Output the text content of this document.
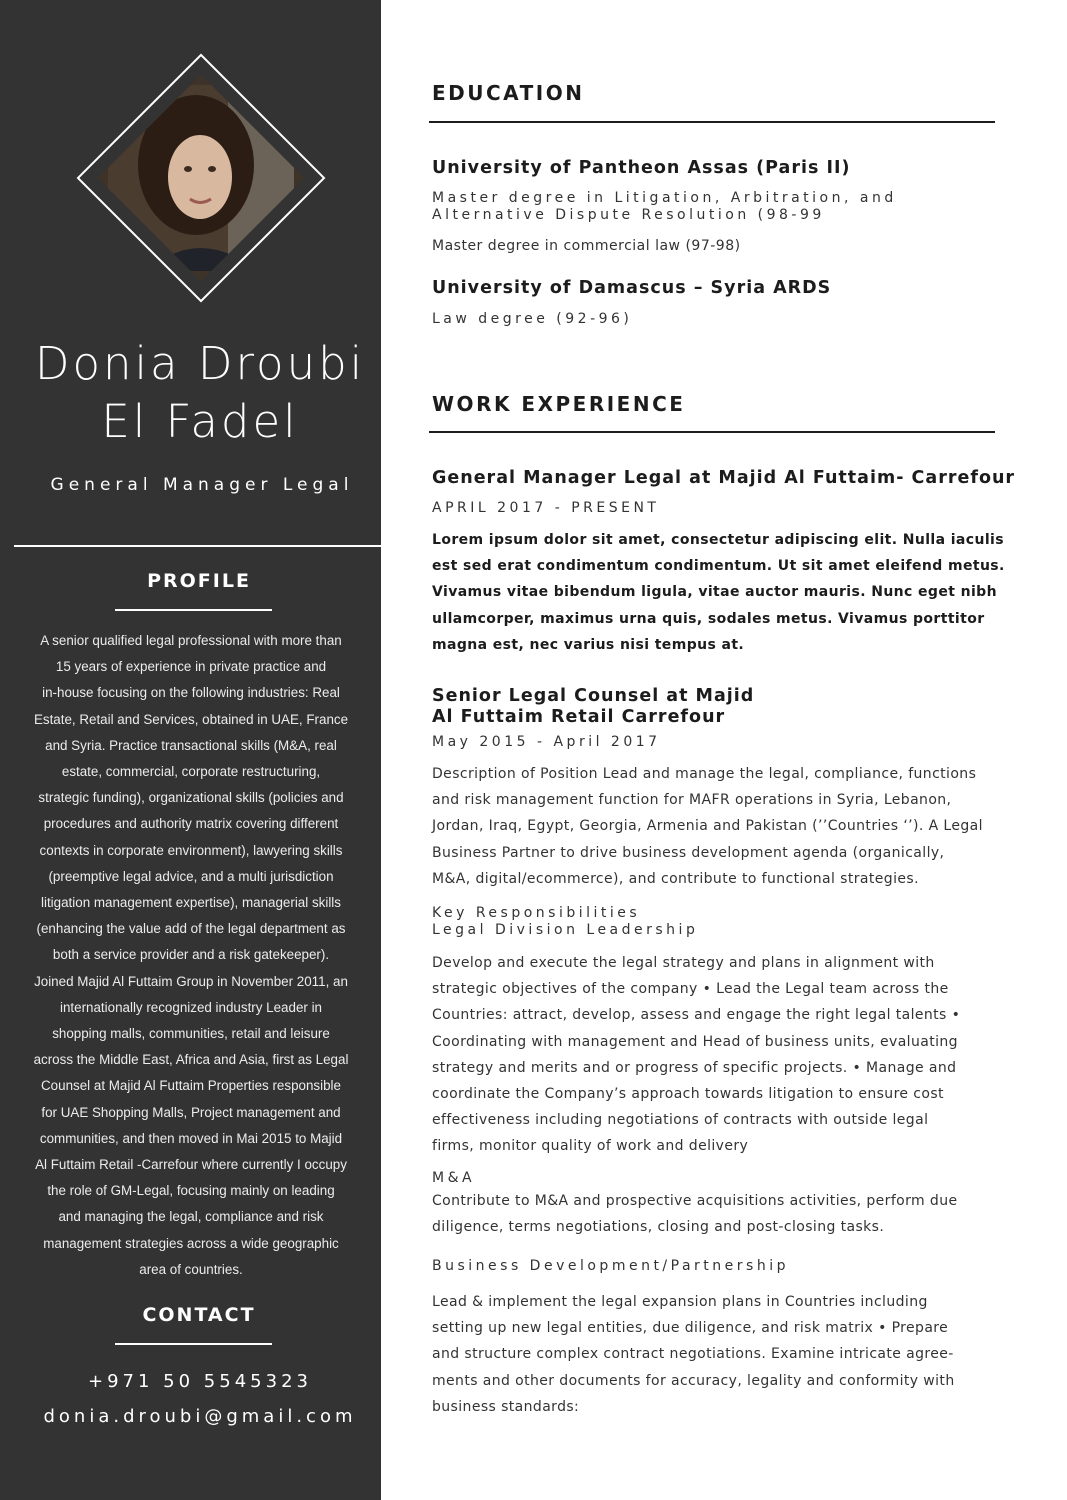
Donia Droubi
El Fadel
General Manager Legal
PROFILE
A senior qualified legal professional with more than
15 years of experience in private practice and
in-house focusing on the following industries: Real
Estate, Retail and Services, obtained in UAE, France
and Syria. Practice transactional skills (M&A, real
estate, commercial, corporate restructuring,
strategic funding), organizational skills (policies and
procedures and authority matrix covering different
contexts in corporate environment), lawyering skills
(preemptive legal advice, and a multi jurisdiction
litigation management expertise), managerial skills
(enhancing the value add of the legal department as
both a service provider and a risk gatekeeper).
Joined Majid Al Futtaim Group in November 2011, an
internationally recognized industry Leader in
shopping malls, communities, retail and leisure
across the Middle East, Africa and Asia, first as Legal
Counsel at Majid Al Futtaim Properties responsible
for UAE Shopping Malls, Project management and
communities, and then moved in Mai 2015 to Majid
Al Futtaim Retail -Carrefour where currently I occupy
the role of GM-Legal, focusing mainly on leading
and managing the legal, compliance and risk
management strategies across a wide geographic
area of countries.
CONTACT
+971 50 5545323
donia.droubi@gmail.com
EDUCATION
University of Pantheon Assas (Paris II)
Master degree in Litigation, Arbitration, and
Alternative Dispute Resolution (98-99
Master degree in commercial law (97-98)
University of Damascus – Syria ARDS
Law degree (92-96)
WORK EXPERIENCE
General Manager Legal at Majid Al Futtaim- Carrefour
APRIL 2017 - PRESENT
Lorem ipsum dolor sit amet, consectetur adipiscing elit. Nulla iaculis
est sed erat condimentum condimentum. Ut sit amet eleifend metus.
Vivamus vitae bibendum ligula, vitae auctor mauris. Nunc eget nibh
ullamcorper, maximus urna quis, sodales metus. Vivamus porttitor
magna est, nec varius nisi tempus at.
Senior Legal Counsel at Majid
Al Futtaim Retail Carrefour
May 2015 - April 2017
Description of Position Lead and manage the legal, compliance, functions
and risk management function for MAFR operations in Syria, Lebanon,
Jordan, Iraq, Egypt, Georgia, Armenia and Pakistan (’’Countries ‘’). A Legal
Business Partner to drive business development agenda (organically,
M&A, digital/ecommerce), and contribute to functional strategies.
Key Responsibilities
Legal Division Leadership
Develop and execute the legal strategy and plans in alignment with
strategic objectives of the company • Lead the Legal team across the
Countries: attract, develop, assess and engage the right legal talents •
Coordinating with management and Head of business units, evaluating
strategy and merits and or progress of specific projects. • Manage and
coordinate the Company’s approach towards litigation to ensure cost
effectiveness including negotiations of contracts with outside legal
firms, monitor quality of work and delivery
M&A
Contribute to M&A and prospective acquisitions activities, perform due
diligence, terms negotiations, closing and post-closing tasks.
Business Development/Partnership
Lead & implement the legal expansion plans in Countries including
setting up new legal entities, due diligence, and risk matrix • Prepare
and structure complex contract negotiations. Examine intricate agree-
ments and other documents for accuracy, legality and conformity with
business standards:
